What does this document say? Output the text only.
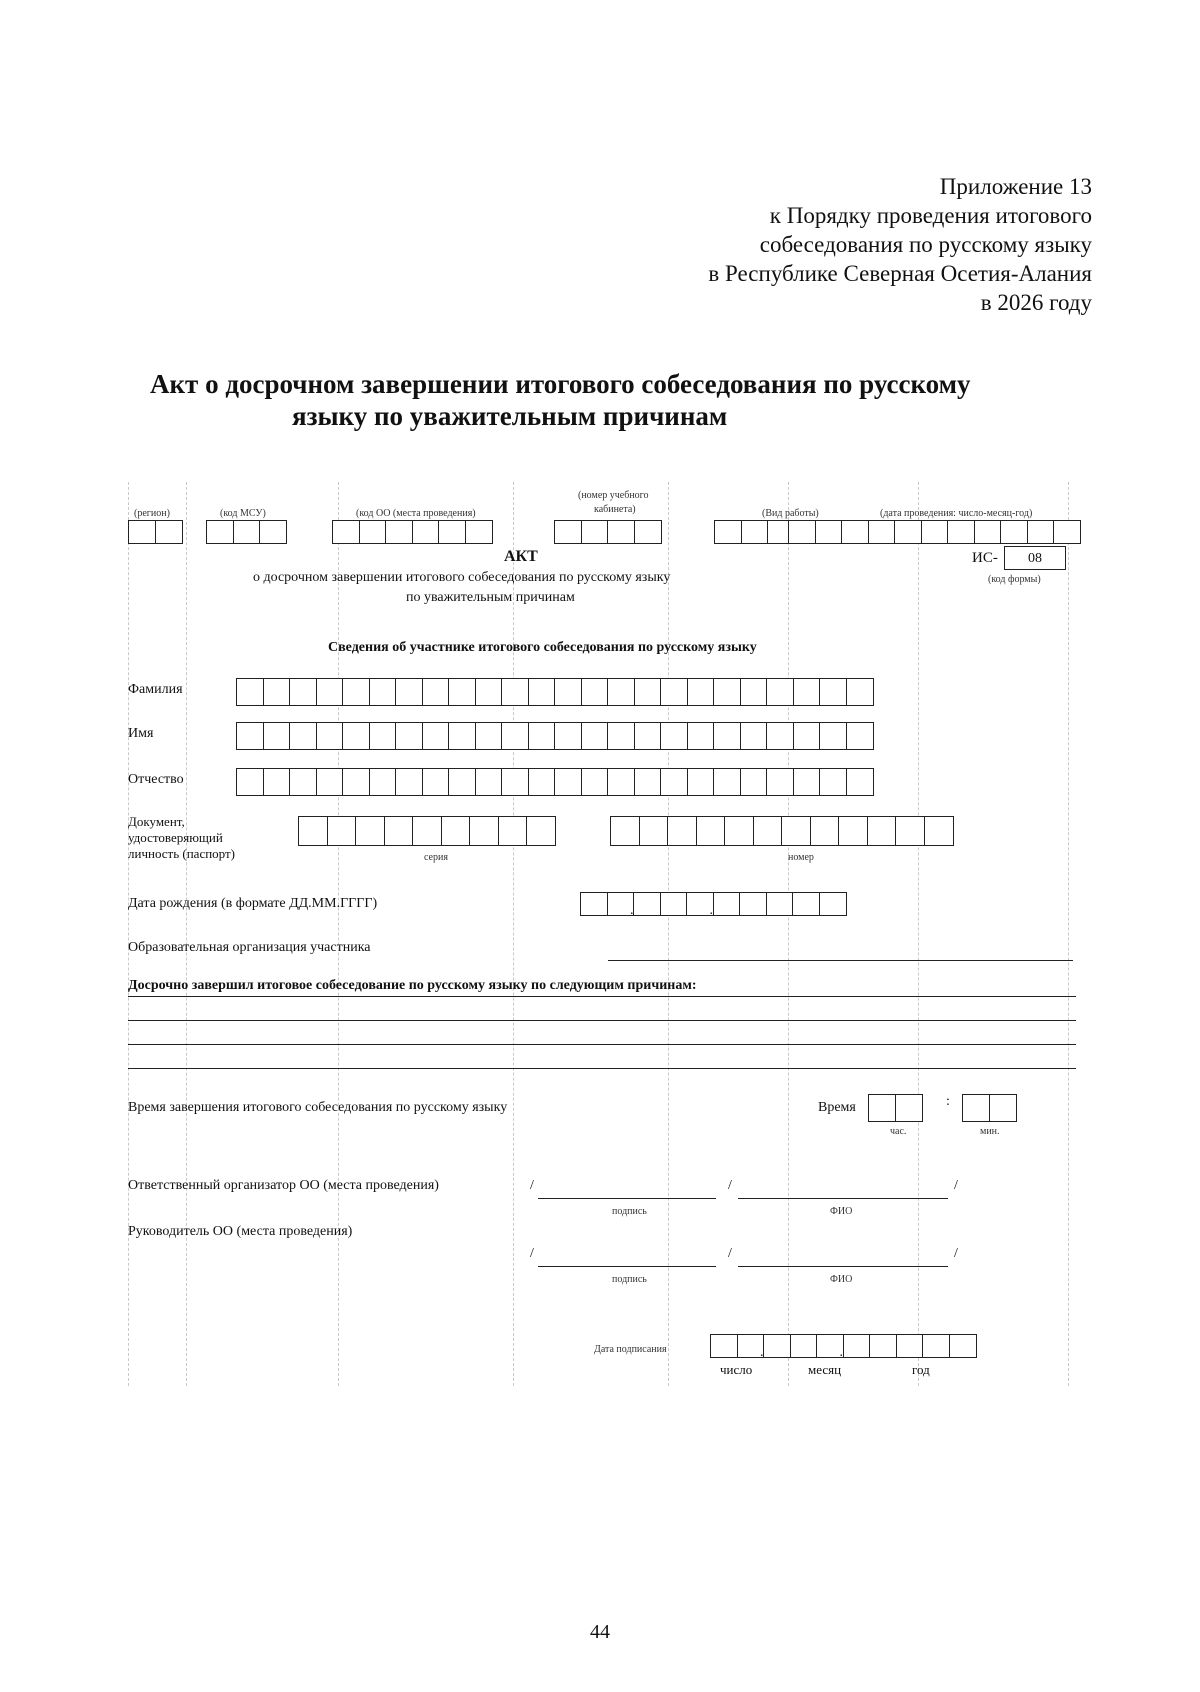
Приложение 13
к Порядку проведения итогового
собеседования по русскому языку
в Республике Северная Осетия-Алания
в 2026 году
Акт о досрочном завершении итогового собеседования по русскому
языку по уважительным причинам
(регион)	(код МСУ)	(код ОО (места проведения)
(номер учебного
кабинета)	(Вид работы)	(дата проведения: число-месяц-год)
АКТ
о досрочном завершении итогового собеседования по русскому языку
по уважительным причинам
ИС-	08
(код формы)
Сведения об участнике итогового собеседования по русскому языку
Фамилия
Имя
Отчество
Документ,
удостоверяющий
личность (паспорт)	серия	номер
Дата рождения (в формате ДД.ММ.ГГГГ)
.
.
Образовательная организация участника
Досрочно завершил итоговое собеседование по русскому языку по следующим причинам:
Время завершения итогового собеседования по русскому языку	Время	:
час.	мин.
Ответственный организатор ОО (места проведения)	/	/	/
подпись	ФИО
Руководитель ОО (места проведения)
/	/	/
подпись	ФИО
Дата подписания
.
.
число	месяц	год
44
